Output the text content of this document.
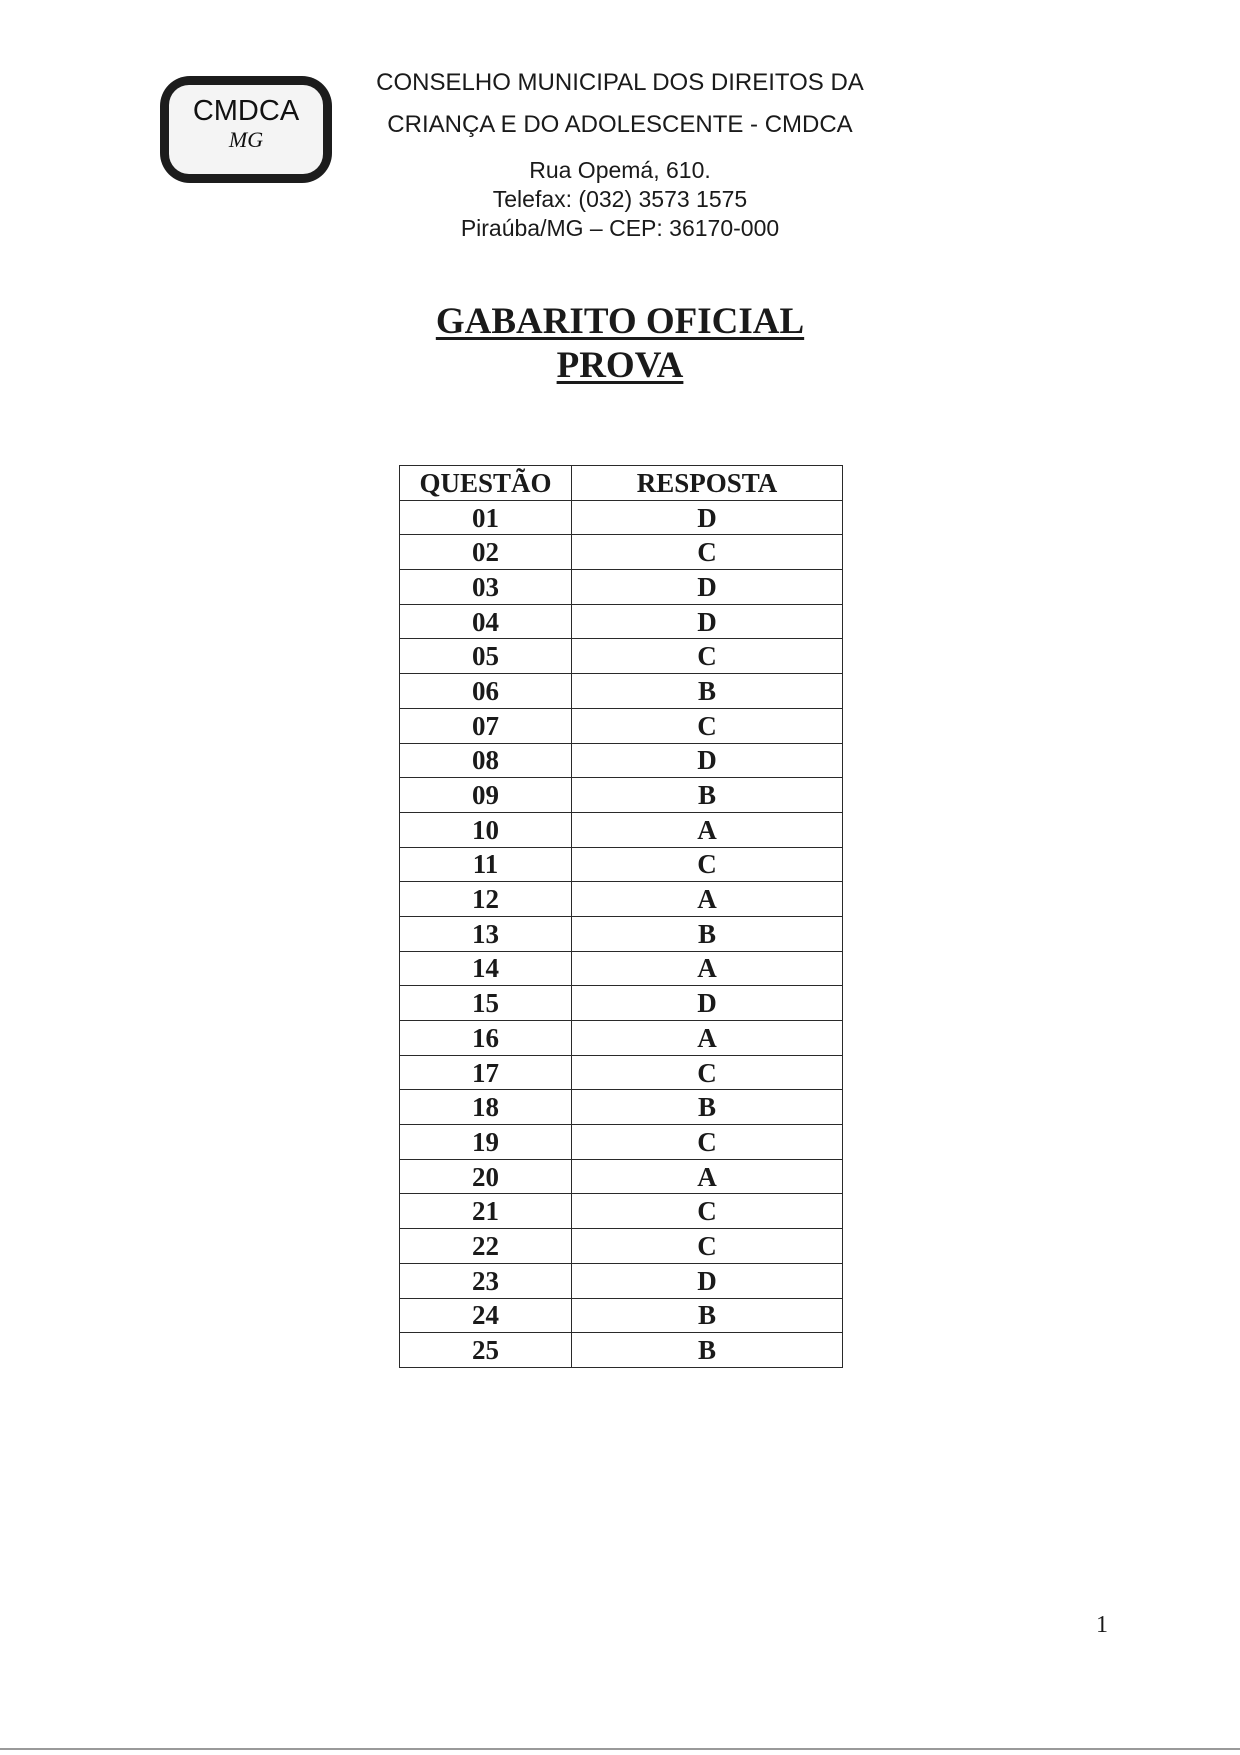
CMDCA
MG

CONSELHO MUNICIPAL DOS DIREITOS DA

CRIANÇA E DO ADOLESCENTE - CMDCA

Rua Opemá, 610.
Telefax: (032) 3573 1575
Piraúba/MG – CEP: 36170-000
GABARITO OFICIAL
PROVA
QUESTÃO	RESPOSTA
01	D
02	C
03	D
04	D
05	C
06	B
07	C
08	D
09	B
10	A
11	C
12	A
13	B
14	A
15	D
16	A
17	C
18	B
19	C
20	A
21	C
22	C
23	D
24	B
25	B
1
